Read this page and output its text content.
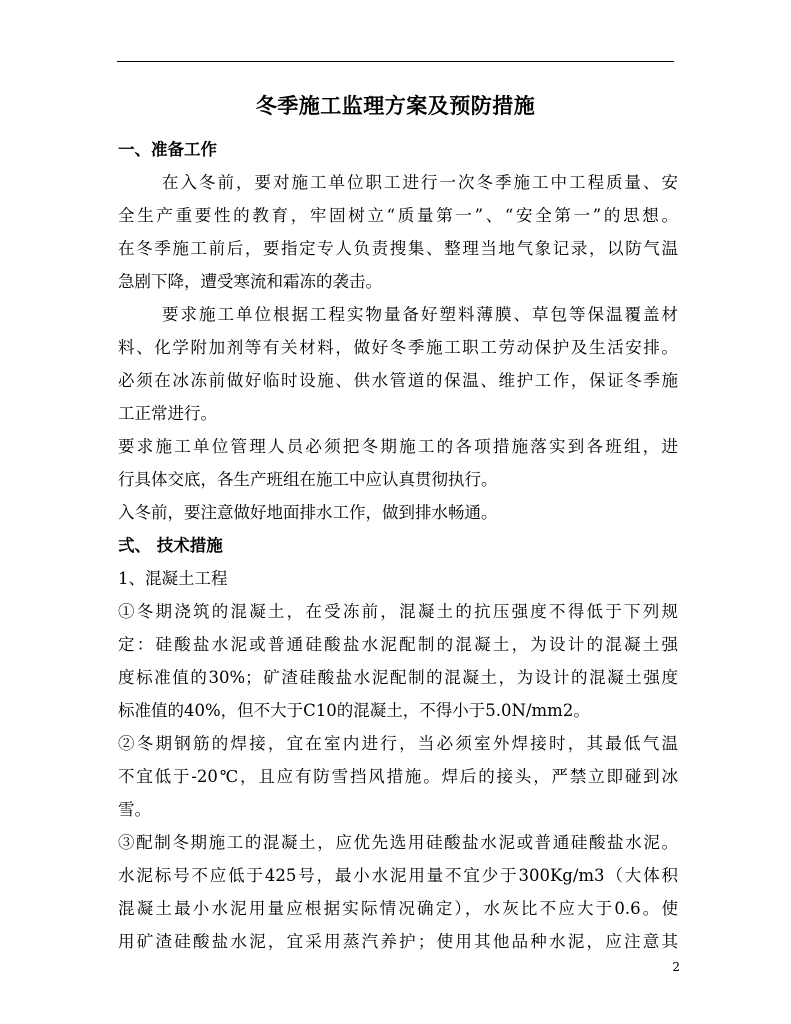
冬季施工监理方案及预防措施
一、准备工作
在入冬前，要对施工单位职工进行一次冬季施工中工程质量、安
全生产重要性的教育，牢固树立“质量第一”、“安全第一”的思想。
在冬季施工前后，要指定专人负责搜集、整理当地气象记录，以防气温
急剧下降，遭受寒流和霜冻的袭击。
要求施工单位根据工程实物量备好塑料薄膜、草包等保温覆盖材
料、化学附加剂等有关材料，做好冬季施工职工劳动保护及生活安排。
必须在冰冻前做好临时设施、供水管道的保温、维护工作，保证冬季施
工正常进行。
要求施工单位管理人员必须把冬期施工的各项措施落实到各班组，进
行具体交底，各生产班组在施工中应认真贯彻执行。
入冬前，要注意做好地面排水工作，做到排水畅通。
弍、 技术措施
1、混凝土工程
①冬期浇筑的混凝土，在受冻前，混凝土的抗压强度不得低于下列规
定：硅酸盐水泥或普通硅酸盐水泥配制的混凝土，为设计的混凝土强
度标准值的30%；矿渣硅酸盐水泥配制的混凝土，为设计的混凝土强度
标准值的40%，但不大于C10的混凝土，不得小于5.0N/mm2。
②冬期钢筋的焊接，宜在室内进行，当必须室外焊接时，其最低气温
不宜低于-20℃，且应有防雪挡风措施。焊后的接头，严禁立即碰到冰
雪。
③配制冬期施工的混凝土，应优先选用硅酸盐水泥或普通硅酸盐水泥。
水泥标号不应低于425号，最小水泥用量不宜少于300Kg/m3（大体积
混凝土最小水泥用量应根据实际情况确定），水灰比不应大于0.6。使
用矿渣硅酸盐水泥，宜采用蒸汽养护；使用其他品种水泥，应注意其
2
